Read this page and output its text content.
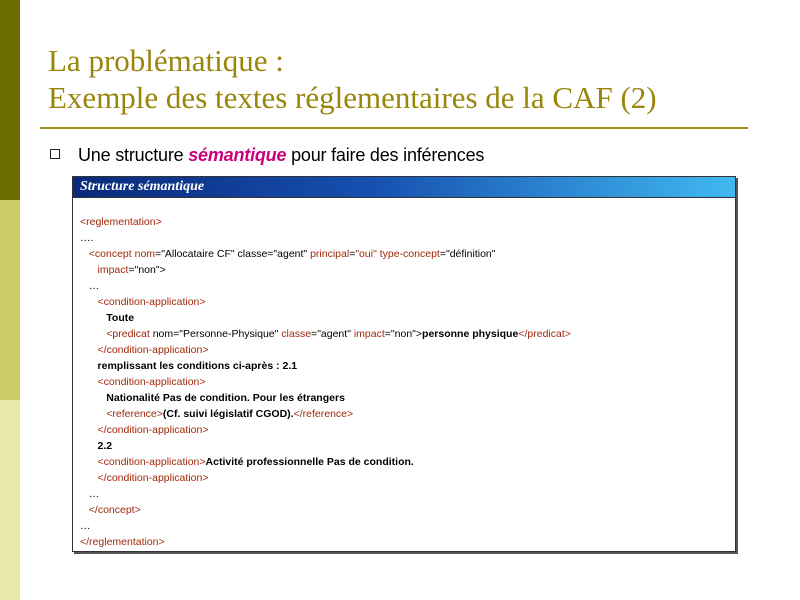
La problématique :
Exemple des textes réglementaires de la CAF (2)
Une structure sémantique pour faire des inférences
Structure sémantique
<reglementation>
….
<concept nom="Allocataire CF" classe="agent" principal="oui" type-concept="définition"
impact="non">
…
<condition-application>
Toute
<predicat nom="Personne-Physique" classe="agent" impact="non">personne physique</predicat>
</condition-application>
remplissant les conditions ci-après : 2.1
<condition-application>
Nationalité Pas de condition. Pour les étrangers
<reference>(Cf. suivi législatif CGOD).</reference>
</condition-application>
2.2
<condition-application>Activité professionnelle Pas de condition.
</condition-application>
…
</concept>
…
</reglementation>
